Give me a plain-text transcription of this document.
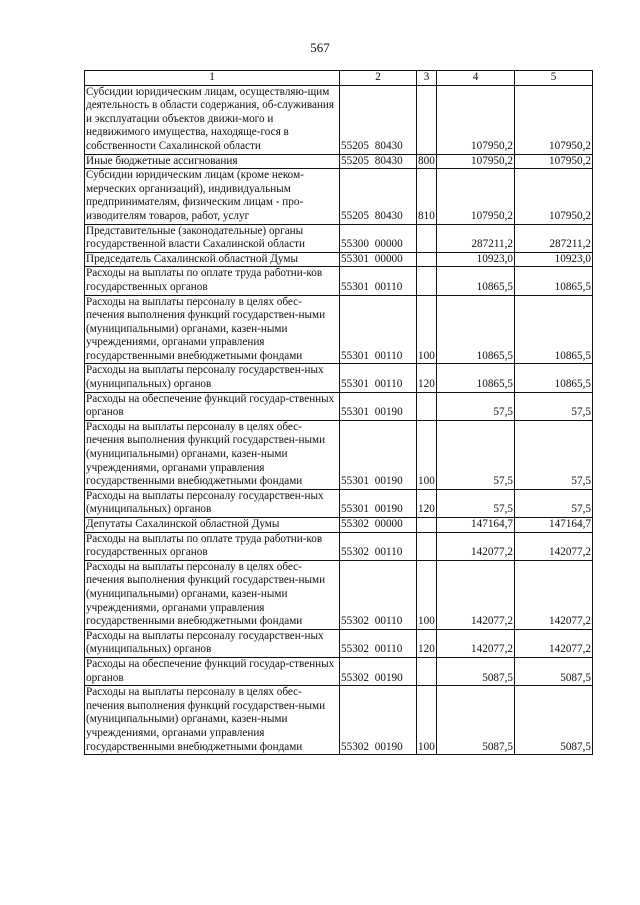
567
1	2	3	4	5
Субсидии юридическим лицам, осуществляю-щим деятельность в области содержания, об-служивания и эксплуатации объектов движи-мого и недвижимого имущества, находяще-гося в собственности Сахалинской области	55205 80430		107950,2	107950,2
Иные бюджетные ассигнования	55205 80430	800	107950,2	107950,2
Субсидии юридическим лицам (кроме неком-мерческих организаций), индивидуальным предпринимателям, физическим лицам - про-изводителям товаров, работ, услуг	55205 80430	810	107950,2	107950,2
Представительные (законодательные) органы государственной власти Сахалинской области	55300 00000		287211,2	287211,2
Председатель Сахалинской областной Думы	55301 00000		10923,0	10923,0
Расходы на выплаты по оплате труда работни-ков государственных органов	55301 00110		10865,5	10865,5
Расходы на выплаты персоналу в целях обес-печения выполнения функций государствен-ными (муниципальными) органами, казен-ными учреждениями, органами управления государственными внебюджетными фондами	55301 00110	100	10865,5	10865,5
Расходы на выплаты персоналу государствен-ных (муниципальных) органов	55301 00110	120	10865,5	10865,5
Расходы на обеспечение функций государ-ственных органов	55301 00190		57,5	57,5
Расходы на выплаты персоналу в целях обес-печения выполнения функций государствен-ными (муниципальными) органами, казен-ными учреждениями, органами управления государственными внебюджетными фондами	55301 00190	100	57,5	57,5
Расходы на выплаты персоналу государствен-ных (муниципальных) органов	55301 00190	120	57,5	57,5
Депутаты Сахалинской областной Думы	55302 00000		147164,7	147164,7
Расходы на выплаты по оплате труда работни-ков государственных органов	55302 00110		142077,2	142077,2
Расходы на выплаты персоналу в целях обес-печения выполнения функций государствен-ными (муниципальными) органами, казен-ными учреждениями, органами управления государственными внебюджетными фондами	55302 00110	100	142077,2	142077,2
Расходы на выплаты персоналу государствен-ных (муниципальных) органов	55302 00110	120	142077,2	142077,2
Расходы на обеспечение функций государ-ственных органов	55302 00190		5087,5	5087,5
Расходы на выплаты персоналу в целях обес-печения выполнения функций государствен-ными (муниципальными) органами, казен-ными учреждениями, органами управления государственными внебюджетными фондами	55302 00190	100	5087,5	5087,5
